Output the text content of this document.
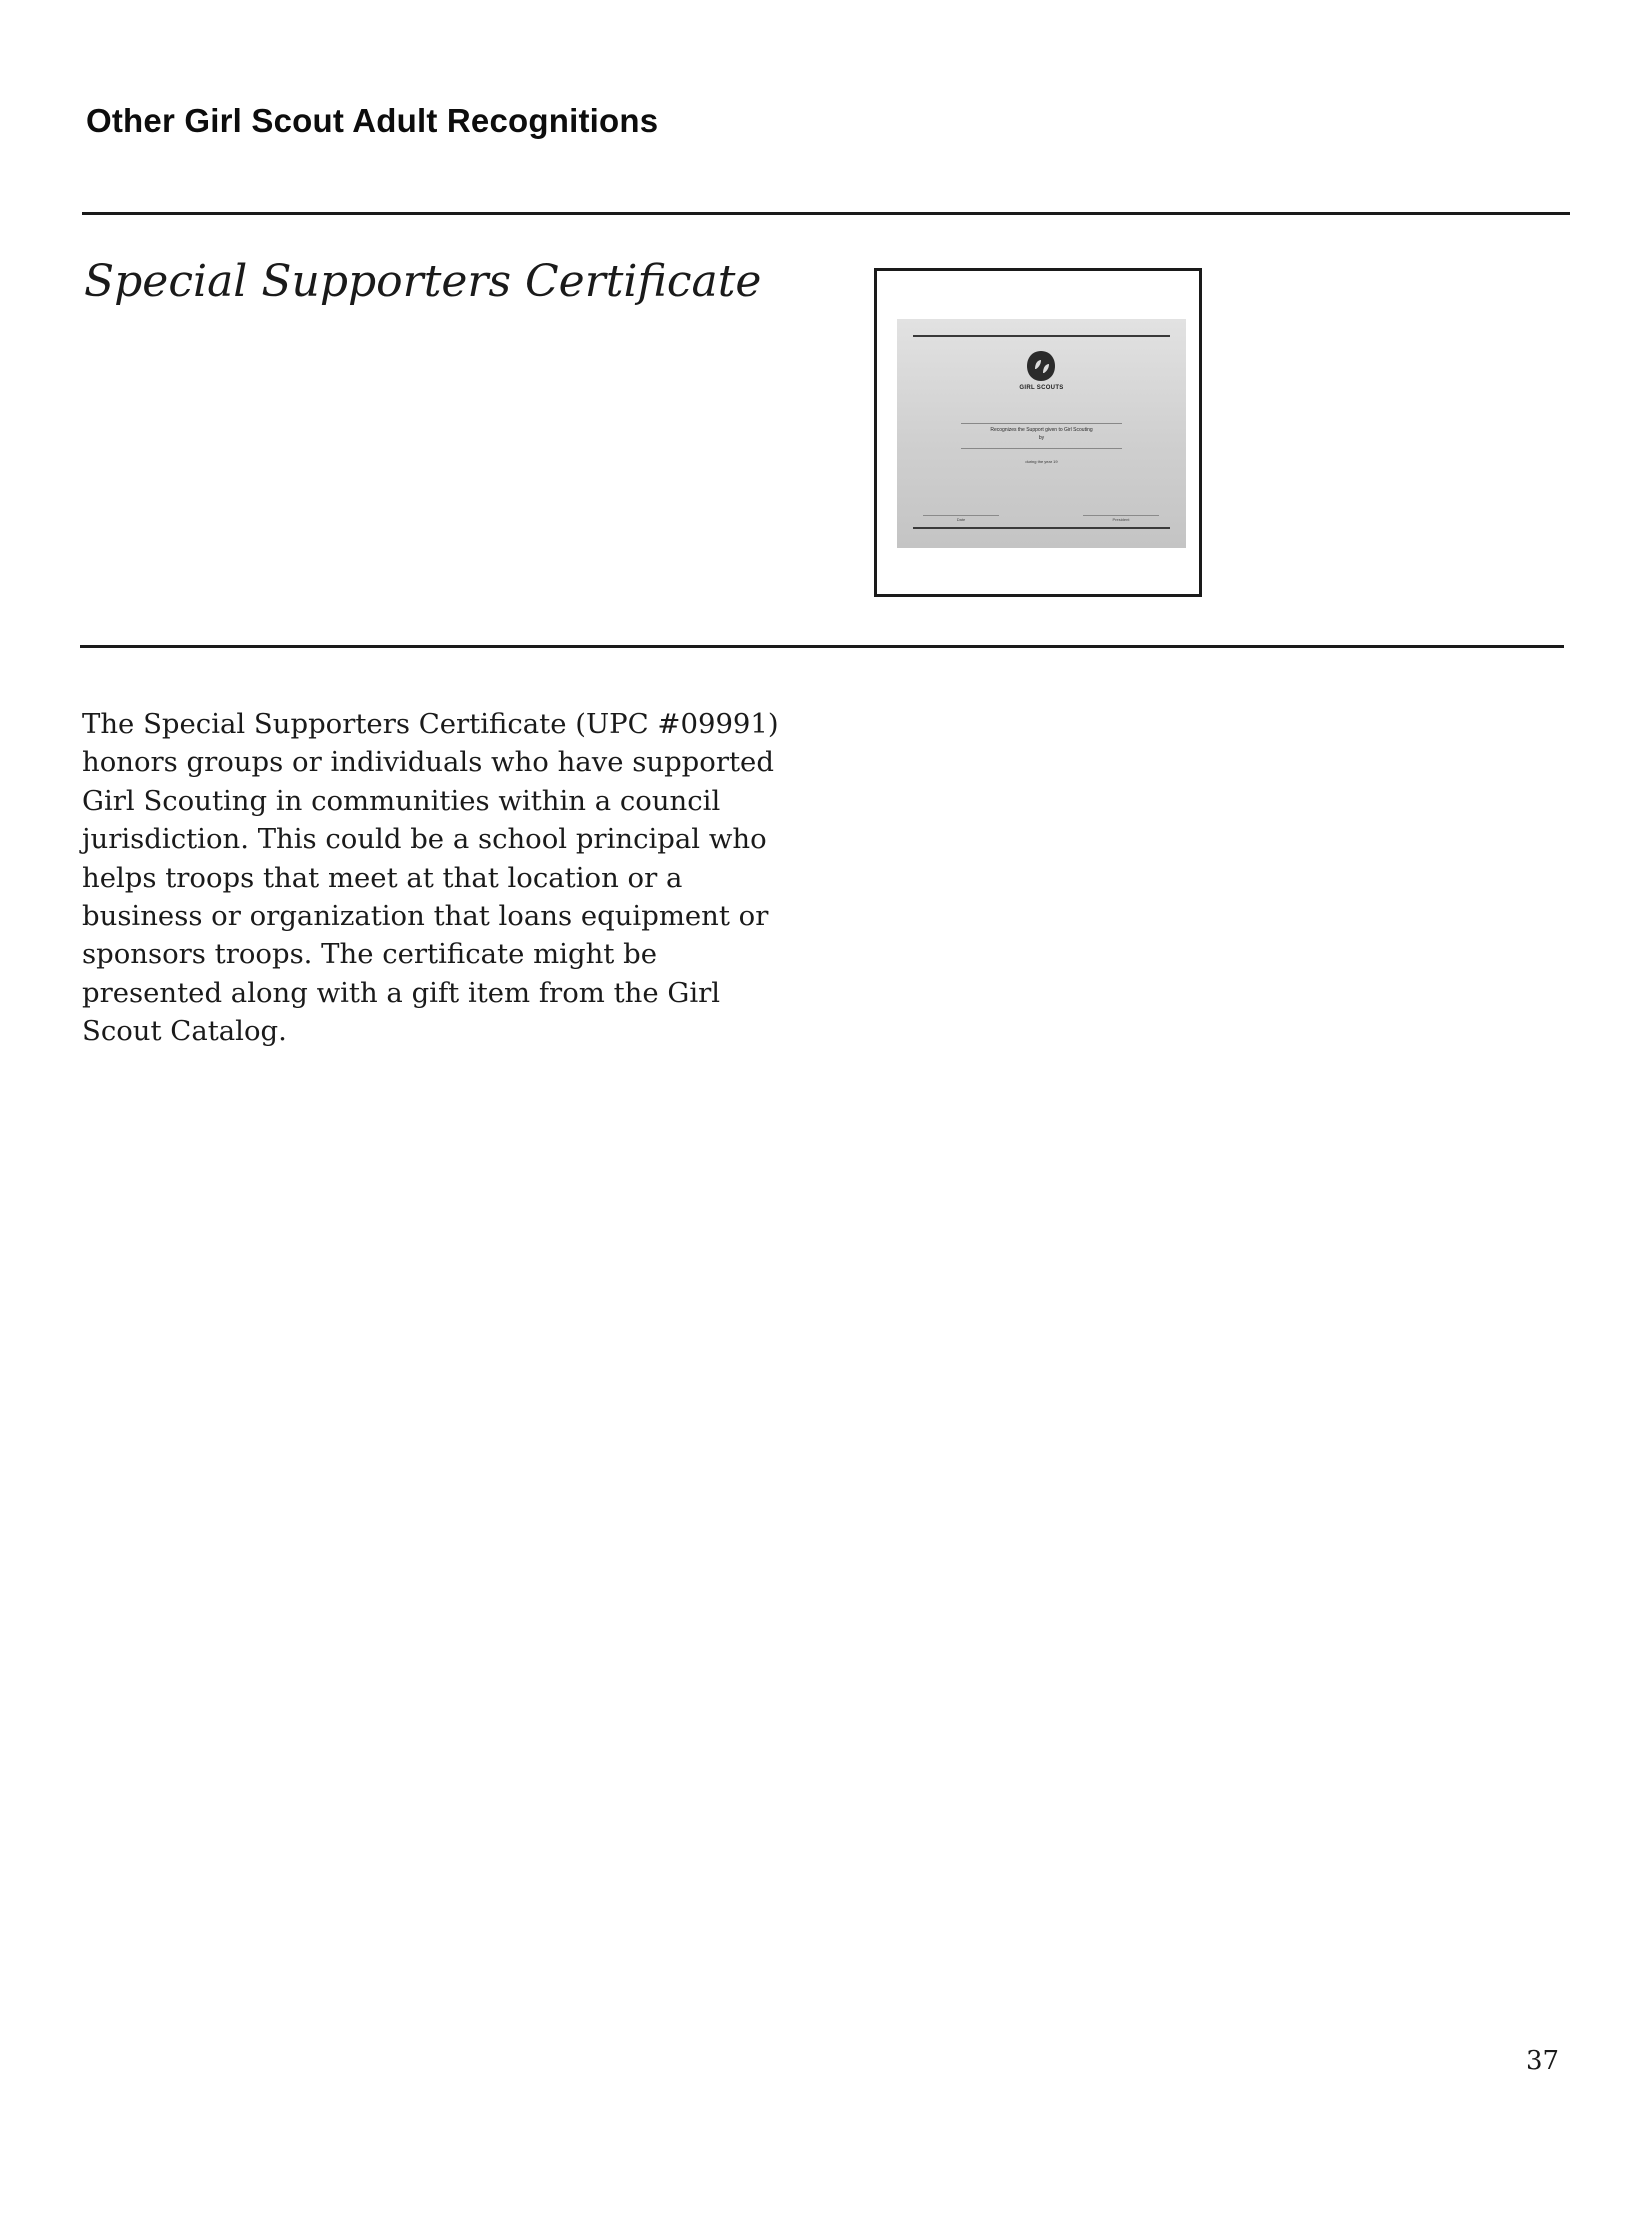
Other Girl Scout Adult Recognitions
Special Supporters Certificate
GIRL SCOUTS
Recognizes the Support given to Girl Scouting
by
during the year 19
Date	President

The Special Supporters Certificate (UPC #09991) honors groups or individuals who have supported Girl Scouting in communities within a council jurisdiction. This could be a school principal who helps troops that meet at that location or a business or organization that loans equipment or sponsors troops. The certificate might be presented along with a gift item from the Girl Scout Catalog.

37
